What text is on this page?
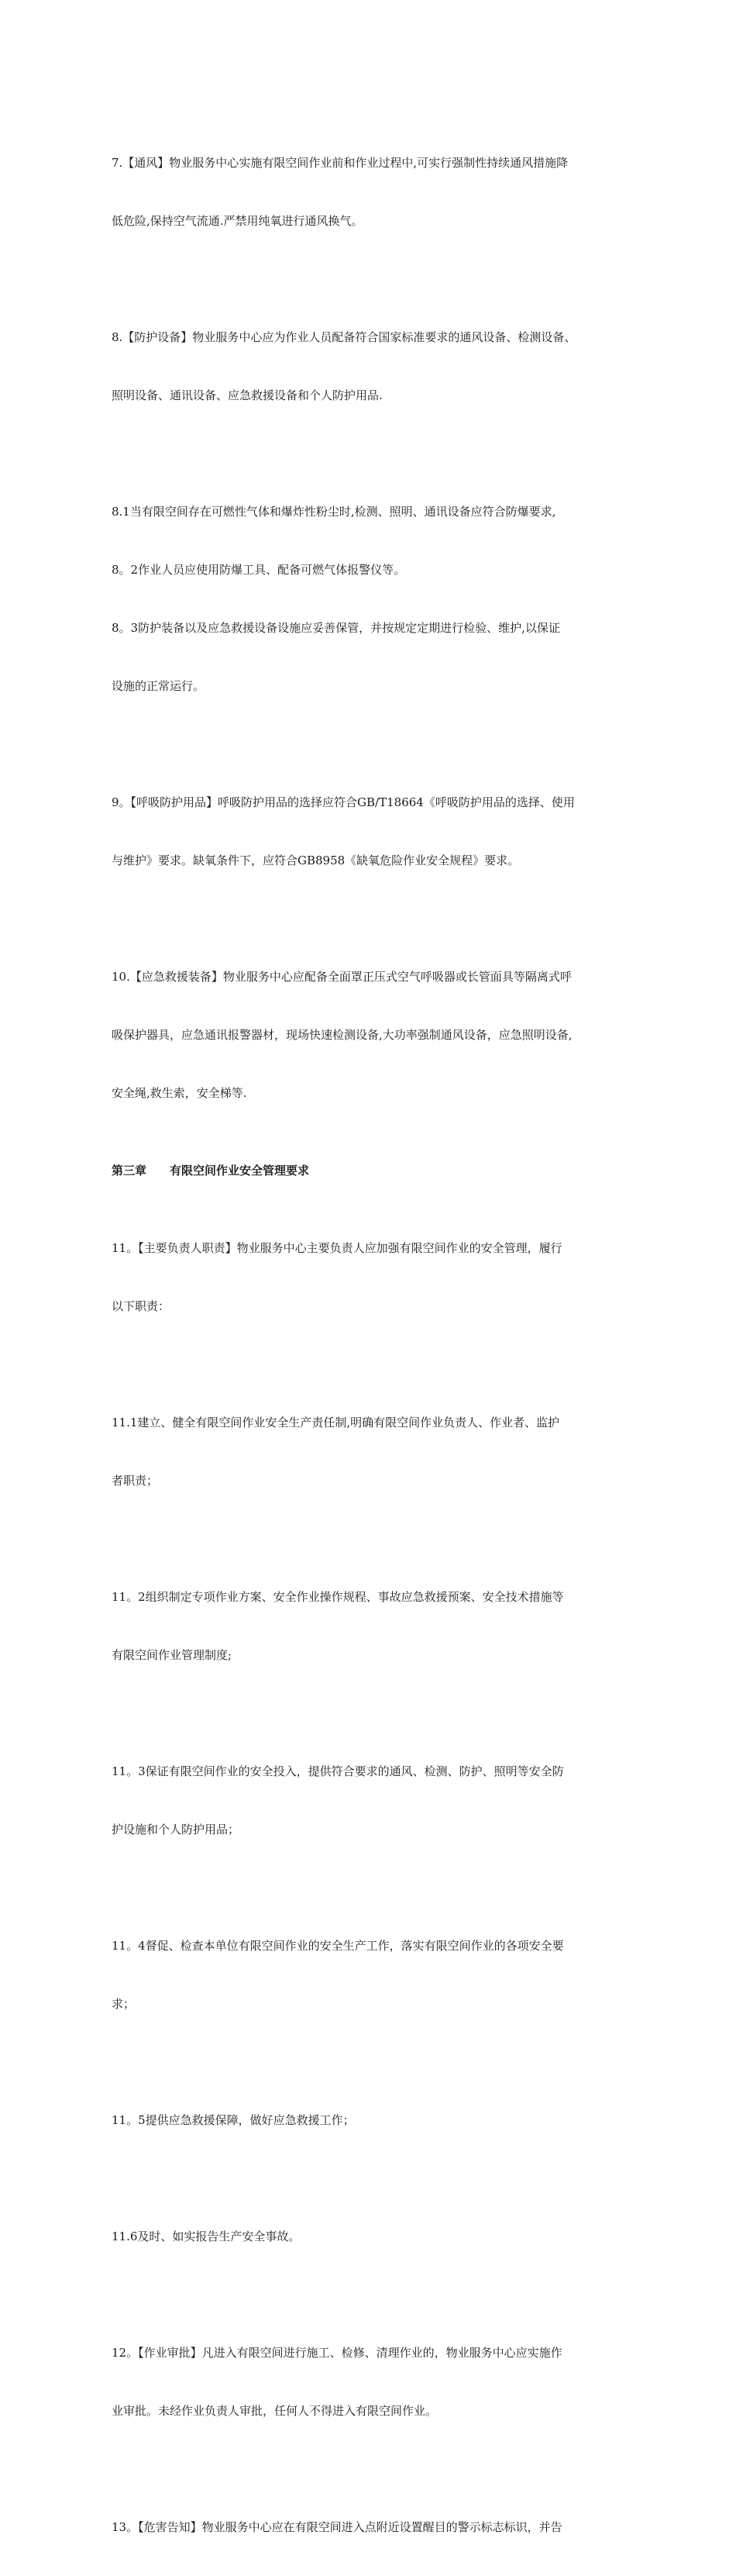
7.【通风】物业服务中心实施有限空间作业前和作业过程中,可实行强制性持续通风措施降

低危险,保持空气流通.严禁用纯氧进行通风换气。

8.【防护设备】物业服务中心应为作业人员配备符合国家标准要求的通风设备、检测设备、

照明设备、通讯设备、应急救援设备和个人防护用品.

8.1当有限空间存在可燃性气体和爆炸性粉尘时,检测、照明、通讯设备应符合防爆要求,

8。2作业人员应使用防爆工具、配备可燃气体报警仪等。

8。3防护装备以及应急救援设备设施应妥善保管，并按规定定期进行检验、维护,以保证

设施的正常运行。

9。【呼吸防护用品】呼吸防护用品的选择应符合GB/T18664《呼吸防护用品的选择、使用

与维护》要求。缺氧条件下，应符合GB8958《缺氧危险作业安全规程》要求。

10.【应急救援装备】物业服务中心应配备全面罩正压式空气呼吸器或长管面具等隔离式呼

吸保护器具，应急通讯报警器材，现场快速检测设备,大功率强制通风设备，应急照明设备,

安全绳,救生索，安全梯等.

第三章　　有限空间作业安全管理要求

11。【主要负责人职责】物业服务中心主要负责人应加强有限空间作业的安全管理，履行

以下职责：

11.1建立、健全有限空间作业安全生产责任制,明确有限空间作业负责人、作业者、监护

者职责；

11。2组织制定专项作业方案、安全作业操作规程、事故应急救援预案、安全技术措施等

有限空间作业管理制度;

11。3保证有限空间作业的安全投入，提供符合要求的通风、检测、防护、照明等安全防

护设施和个人防护用品；

11。4督促、检查本单位有限空间作业的安全生产工作，落实有限空间作业的各项安全要

求；

11。5提供应急救援保障，做好应急救援工作；

11.6及时、如实报告生产安全事故。

12。【作业审批】凡进入有限空间进行施工、检修、清理作业的，物业服务中心应实施作

业审批。未经作业负责人审批，任何人不得进入有限空间作业。

13。【危害告知】物业服务中心应在有限空间进入点附近设置醒目的警示标志标识，并告
